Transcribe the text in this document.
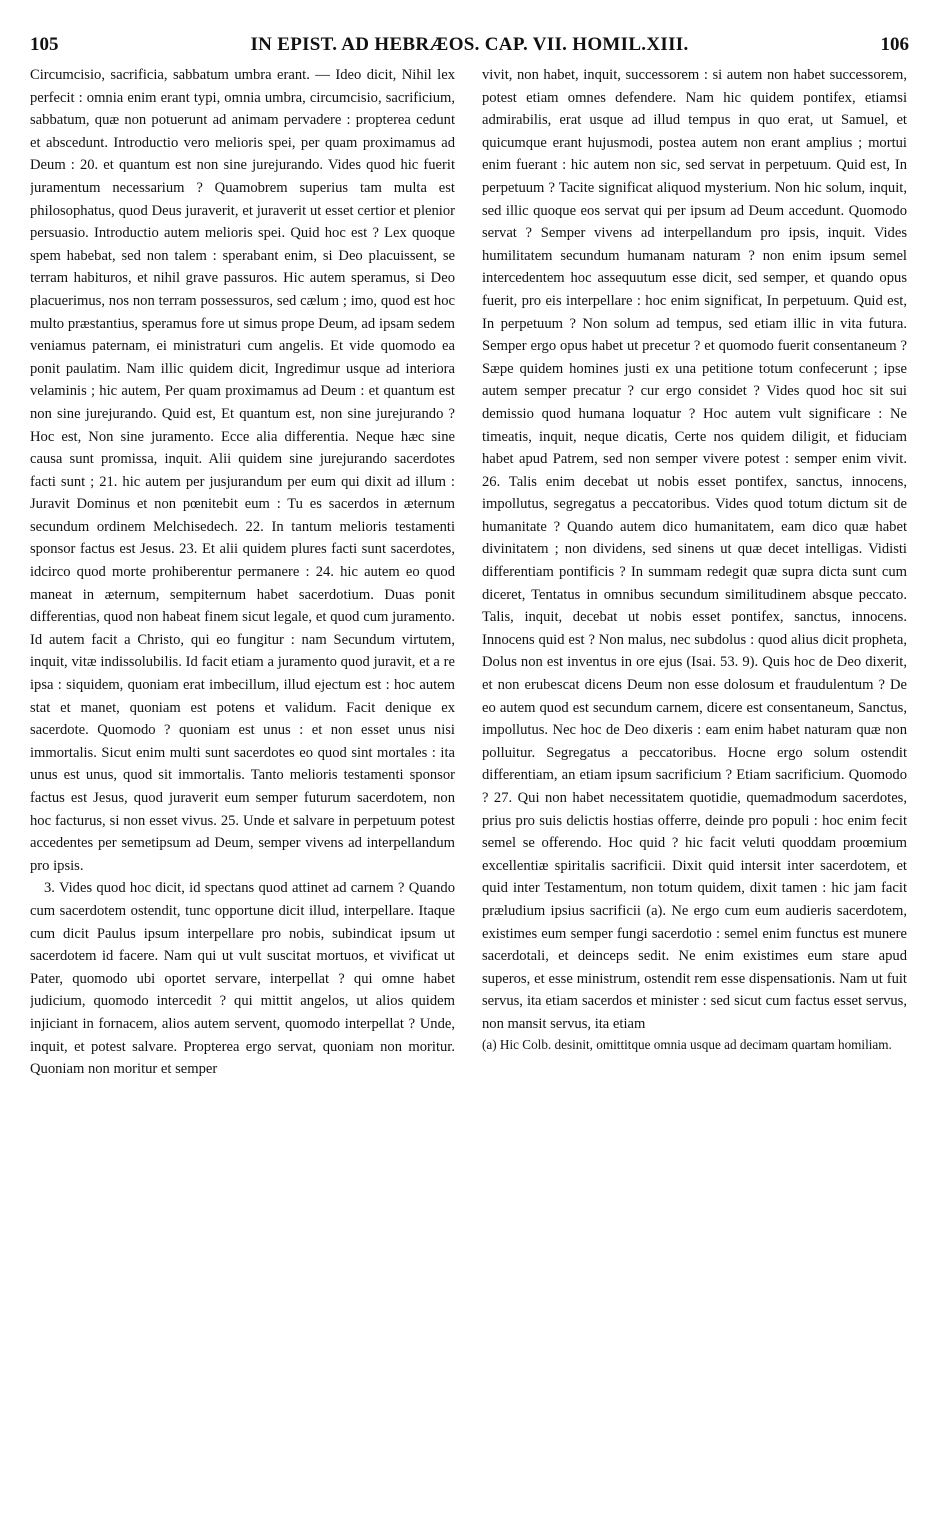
105	IN EPIST. AD HEBRÆOS. CAP. VII. HOMIL.XIII.	106

Circumcisio, sacrificia, sabbatum umbra erant. — Ideo dicit, Nihil lex perfecit : omnia enim erant typi, omnia umbra, circumcisio, sacrificium, sabbatum, quæ non potuerunt ad animam pervadere : propterea cedunt et abscedunt. Introductio vero melioris spei, per quam proximamus ad Deum : 20. et quantum est non sine jurejurando. Vides quod hic fuerit juramentum necessarium ? Quamobrem superius tam multa est philosophatus, quod Deus juraverit, et juraverit ut esset certior et plenior persuasio. Introductio autem melioris spei. Quid hoc est ? Lex quoque spem habebat, sed non talem : sperabant enim, si Deo placuissent, se terram habituros, et nihil grave passuros. Hic autem speramus, si Deo placuerimus, nos non terram possessuros, sed cælum ; imo, quod est hoc multo præstantius, speramus fore ut simus prope Deum, ad ipsam sedem veniamus paternam, ei ministraturi cum angelis. Et vide quomodo ea ponit paulatim. Nam illic quidem dicit, Ingredimur usque ad interiora velaminis ; hic autem, Per quam proximamus ad Deum : et quantum est non sine jurejurando. Quid est, Et quantum est, non sine jurejurando ? Hoc est, Non sine juramento. Ecce alia differentia. Neque hæc sine causa sunt promissa, inquit. Alii quidem sine jurejurando sacerdotes facti sunt ; 21. hic autem per jusjurandum per eum qui dixit ad illum : Juravit Dominus et non pœnitebit eum : Tu es sacerdos in æternum secundum ordinem Melchisedech. 22. In tantum melioris testamenti sponsor factus est Jesus. 23. Et alii quidem plures facti sunt sacerdotes, idcirco quod morte prohiberentur permanere : 24. hic autem eo quod maneat in æternum, sempiternum habet sacerdotium. Duas ponit differentias, quod non habeat finem sicut legale, et quod cum juramento. Id autem facit a Christo, qui eo fungitur : nam Secundum virtutem, inquit, vitæ indissolubilis. Id facit etiam a juramento quod juravit, et a re ipsa : siquidem, quoniam erat imbecillum, illud ejectum est : hoc autem stat et manet, quoniam est potens et validum. Facit denique ex sacerdote. Quomodo ? quoniam est unus : et non esset unus nisi immortalis. Sicut enim multi sunt sacerdotes eo quod sint mortales : ita unus est unus, quod sit immortalis. Tanto melioris testamenti sponsor factus est Jesus, quod juraverit eum semper futurum sacerdotem, non hoc facturus, si non esset vivus. 25. Unde et salvare in perpetuum potest accedentes per semetipsum ad Deum, semper vivens ad interpellandum pro ipsis.

3. Vides quod hoc dicit, id spectans quod attinet ad carnem ? Quando cum sacerdotem ostendit, tunc opportune dicit illud, interpellare. Itaque cum dicit Paulus ipsum interpellare pro nobis, subindicat ipsum ut sacerdotem id facere. Nam qui ut vult suscitat mortuos, et vivificat ut Pater, quomodo ubi oportet servare, interpellat ? qui omne habet judicium, quomodo intercedit ? qui mittit angelos, ut alios quidem injiciant in fornacem, alios autem servent, quomodo interpellat ? Unde, inquit, et potest salvare. Propterea ergo servat, quoniam non moritur. Quoniam non moritur et semper

vivit, non habet, inquit, successorem : si autem non habet successorem, potest etiam omnes defendere. Nam hic quidem pontifex, etiamsi admirabilis, erat usque ad illud tempus in quo erat, ut Samuel, et quicumque erant hujusmodi, postea autem non erant amplius ; mortui enim fuerant : hic autem non sic, sed servat in perpetuum. Quid est, In perpetuum ? Tacite significat aliquod mysterium. Non hic solum, inquit, sed illic quoque eos servat qui per ipsum ad Deum accedunt. Quomodo servat ? Semper vivens ad interpellandum pro ipsis, inquit. Vides humilitatem secundum humanam naturam ? non enim ipsum semel intercedentem hoc assequutum esse dicit, sed semper, et quando opus fuerit, pro eis interpellare : hoc enim significat, In perpetuum. Quid est, In perpetuum ? Non solum ad tempus, sed etiam illic in vita futura. Semper ergo opus habet ut precetur ? et quomodo fuerit consentaneum ? Sæpe quidem homines justi ex una petitione totum confecerunt ; ipse autem semper precatur ? cur ergo considet ? Vides quod hoc sit sui demissio quod humana loquatur ? Hoc autem vult significare : Ne timeatis, inquit, neque dicatis, Certe nos quidem diligit, et fiduciam habet apud Patrem, sed non semper vivere potest : semper enim vivit. 26. Talis enim decebat ut nobis esset pontifex, sanctus, innocens, impollutus, segregatus a peccatoribus. Vides quod totum dictum sit de humanitate ? Quando autem dico humanitatem, eam dico quæ habet divinitatem ; non dividens, sed sinens ut quæ decet intelligas. Vidisti differentiam pontificis ? In summam redegit quæ supra dicta sunt cum diceret, Tentatus in omnibus secundum similitudinem absque peccato. Talis, inquit, decebat ut nobis esset pontifex, sanctus, innocens. Innocens quid est ? Non malus, nec subdolus : quod alius dicit propheta, Dolus non est inventus in ore ejus (Isai. 53. 9). Quis hoc de Deo dixerit, et non erubescat dicens Deum non esse dolosum et fraudulentum ? De eo autem quod est secundum carnem, dicere est consentaneum, Sanctus, impollutus. Nec hoc de Deo dixeris : eam enim habet naturam quæ non polluitur. Segregatus a peccatoribus. Hocne ergo solum ostendit differentiam, an etiam ipsum sacrificium ? Etiam sacrificium. Quomodo ? 27. Qui non habet necessitatem quotidie, quemadmodum sacerdotes, prius pro suis delictis hostias offerre, deinde pro populi : hoc enim fecit semel se offerendo. Hoc quid ? hic facit veluti quoddam proœmium excellentiæ spiritalis sacrificii. Dixit quid intersit inter sacerdotem, et quid inter Testamentum, non totum quidem, dixit tamen : hic jam facit præludium ipsius sacrificii (a). Ne ergo cum eum audieris sacerdotem, existimes eum semper fungi sacerdotio : semel enim functus est munere sacerdotali, et deinceps sedit. Ne enim existimes eum stare apud superos, et esse ministrum, ostendit rem esse dispensationis. Nam ut fuit servus, ita etiam sacerdos et minister : sed sicut cum factus esset servus, non mansit servus, ita etiam

(a) Hic Colb. desinit, omittitque omnia usque ad decimam quartam homiliam.
